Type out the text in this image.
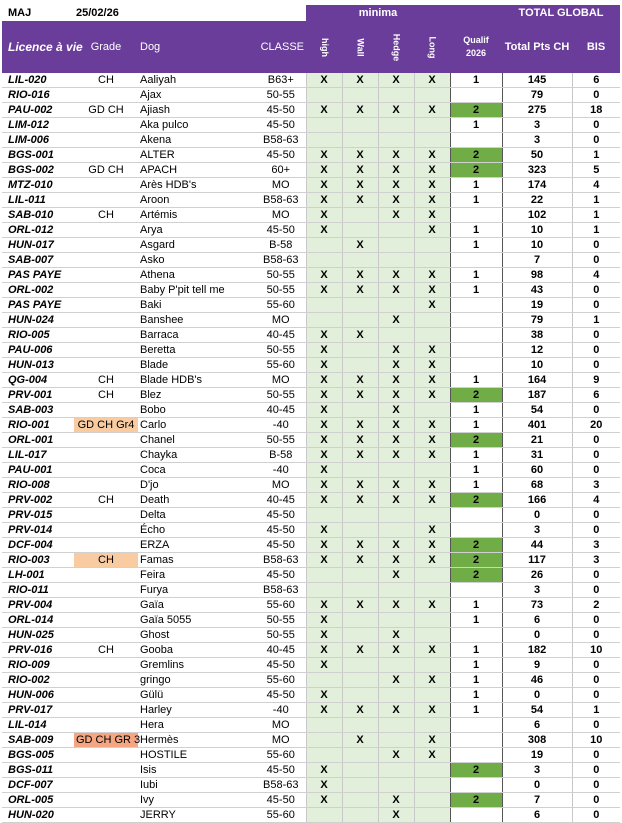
MAJ	25/02/26			minima					TOTAL GLOBAL	
Licence à vie	Grade	Dog	CLASSE	high	Wall	Hedge	Long	Qualif 2026	Total Pts CH	BIS
LIL-020	CH	Aaliyah	B63+	X	X	X	X	1	145	6
RIO-016		Ajax	50-55						79	0
PAU-002	GD CH	Ajiash	45-50	X	X	X	X	2	275	18
LIM-012		Aka pulco	45-50					1	3	0
LIM-006		Akena	B58-63						3	0
BGS-001		ALTER	45-50	X	X	X	X	2	50	1
BGS-002	GD CH	APACH	60+	X	X	X	X	2	323	5
MTZ-010		Arès HDB's	MO	X	X	X	X	1	174	4
LIL-011		Aroon	B58-63	X	X	X	X	1	22	1
SAB-010	CH	Artémis	MO	X		X	X		102	1
ORL-012		Arya	45-50	X			X	1	10	1
HUN-017		Asgard	B-58		X			1	10	0
SAB-007		Asko	B58-63						7	0
PAS PAYE		Athena	50-55	X	X	X	X	1	98	4
ORL-002		Baby P'pit tell me	50-55	X	X	X	X	1	43	0
PAS PAYE		Baki	55-60				X		19	0
HUN-024		Banshee	MO			X			79	1
RIO-005		Barraca	40-45	X	X				38	0
PAU-006		Beretta	50-55	X		X	X		12	0
HUN-013		Blade	55-60	X		X	X		10	0
QG-004	CH	Blade HDB's	MO	X	X	X	X	1	164	9
PRV-001	CH	Blez	50-55	X	X	X	X	2	187	6
SAB-003		Bobo	40-45	X		X		1	54	0
RIO-001	GD CH Gr4	Carlo	-40	X	X	X	X	1	401	20
ORL-001		Chanel	50-55	X	X	X	X	2	21	0
LIL-017		Chayka	B-58	X	X	X	X	1	31	0
PAU-001		Coca	-40	X				1	60	0
RIO-008		D'jo	MO	X	X	X	X	1	68	3
PRV-002	CH	Death	40-45	X	X	X	X	2	166	4
PRV-015		Delta	45-50						0	0
PRV-014		Écho	45-50	X			X		3	0
DCF-004		ERZA	45-50	X	X	X	X	2	44	3
RIO-003	CH	Famas	B58-63	X	X	X	X	2	117	3
LH-001		Feira	45-50			X		2	26	0
RIO-011		Furya	B58-63						3	0
PRV-004		Gaïa	55-60	X	X	X	X	1	73	2
ORL-014		Gaïa 5055	50-55	X				1	6	0
HUN-025		Ghost	50-55	X		X			0	0
PRV-016	CH	Gooba	40-45	X	X	X	X	1	182	10
RIO-009		Gremlins	45-50	X				1	9	0
RIO-002		gringo	55-60			X	X	1	46	0
HUN-006		Gülü	45-50	X				1	0	0
PRV-017		Harley	-40	X	X	X	X	1	54	1
LIL-014		Hera	MO						6	0
SAB-009	GD CH GR 3	Hermès	MO		X		X		308	10
BGS-005		HOSTILE	55-60			X	X		19	0
BGS-011		Isis	45-50	X				2	3	0
DCF-007		Iubi	B58-63	X					0	0
ORL-005		Ivy	45-50	X		X		2	7	0
HUN-020		JERRY	55-60			X			6	0
